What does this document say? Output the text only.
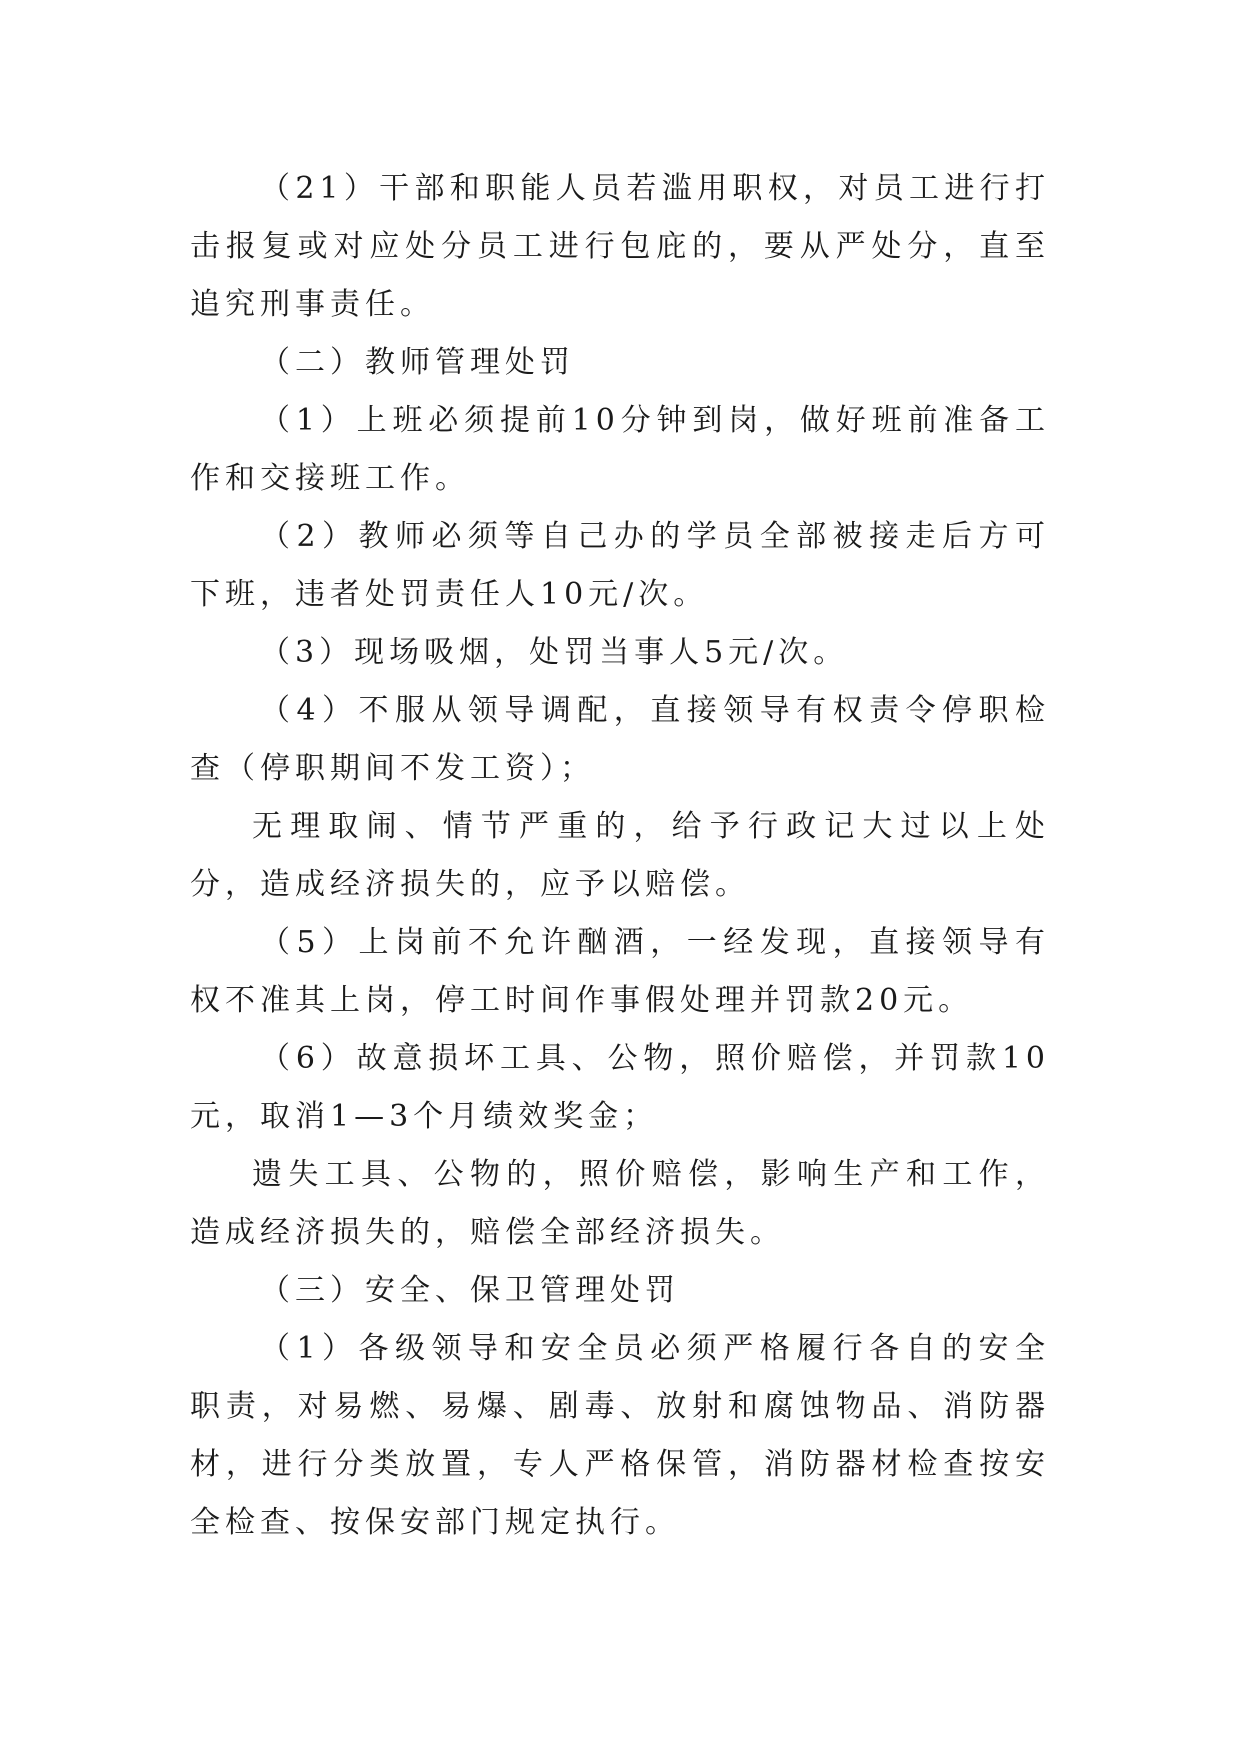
（21）干部和职能人员若滥用职权，对员工进行打击报复或对应处分员工进行包庇的，要从严处分，直至追究刑事责任。

（二）教师管理处罚

（1）上班必须提前10分钟到岗，做好班前准备工作和交接班工作。

（2）教师必须等自己办的学员全部被接走后方可下班，违者处罚责任人10元/次。

（3）现场吸烟，处罚当事人5元/次。

（4）不服从领导调配，直接领导有权责令停职检查（停职期间不发工资）；

无理取闹、情节严重的，给予行政记大过以上处分，造成经济损失的，应予以赔偿。

（5）上岗前不允许酗酒，一经发现，直接领导有权不准其上岗，停工时间作事假处理并罚款20元。

（6）故意损坏工具、公物，照价赔偿，并罚款10元，取消1—3个月绩效奖金；

遗失工具、公物的，照价赔偿，影响生产和工作，造成经济损失的，赔偿全部经济损失。

（三）安全、保卫管理处罚

（1）各级领导和安全员必须严格履行各自的安全职责，对易燃、易爆、剧毒、放射和腐蚀物品、消防器材，进行分类放置，专人严格保管，消防器材检查按安全检查、按保安部门规定执行。
